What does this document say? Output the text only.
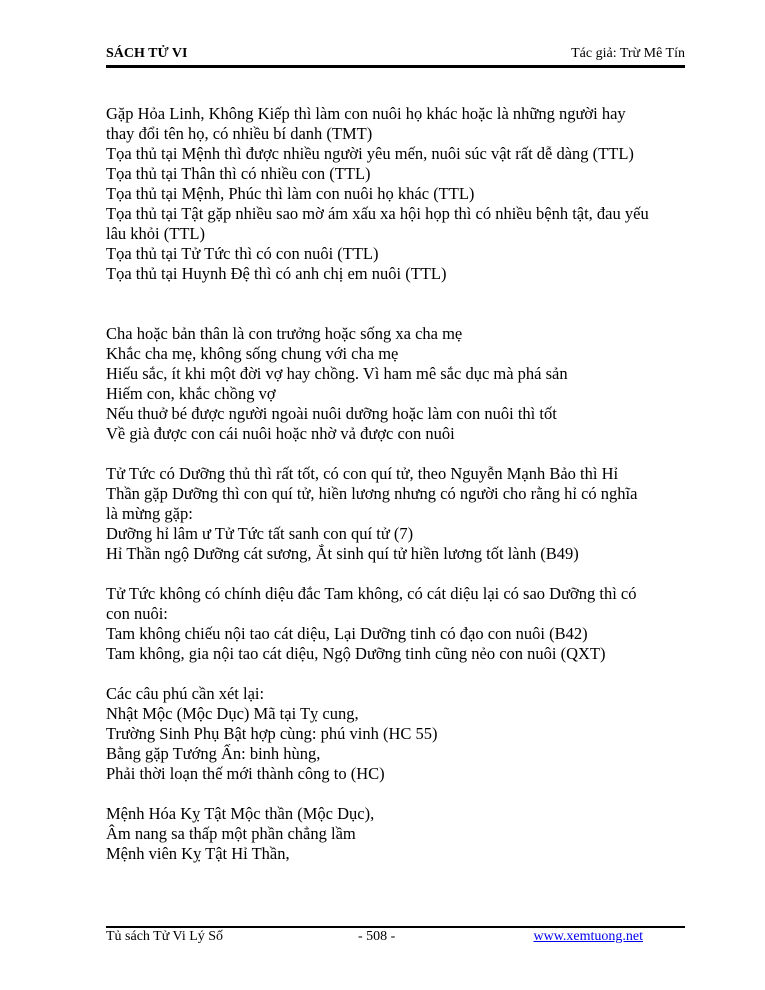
SÁCH TỬ VI	Tác giả: Trừ Mê Tín
Gặp Hỏa Linh, Không Kiếp thì làm con nuôi họ khác hoặc là những người hay
thay đổi tên họ, có nhiều bí danh (TMT)
Tọa thủ tại Mệnh thì được nhiều người yêu mến, nuôi súc vật rất dễ dàng (TTL)
Tọa thủ tại Thân thì có nhiều con (TTL)
Tọa thủ tại Mệnh, Phúc thì làm con nuôi họ khác (TTL)
Tọa thủ tại Tật gặp nhiều sao mờ ám xấu xa hội họp thì có nhiều bệnh tật, đau yếu
lâu khỏi (TTL)
Tọa thủ tại Tử Tức thì có con nuôi (TTL)
Tọa thủ tại Huynh Đệ thì có anh chị em nuôi (TTL)
Cha hoặc bản thân là con trưởng hoặc sống xa cha mẹ
Khắc cha mẹ, không sống chung với cha mẹ
Hiếu sắc, ít khi một đời vợ hay chồng. Vì ham mê sắc dục mà phá sản
Hiếm con, khắc chồng vợ
Nếu thuở bé được người ngoài nuôi dưỡng hoặc làm con nuôi thì tốt
Về già được con cái nuôi hoặc nhờ vả được con nuôi
Tử Tức có Dưỡng thủ thì rất tốt, có con quí tử, theo Nguyễn Mạnh Bảo thì Hỉ
Thần gặp Dưỡng thì con quí tử, hiền lương nhưng có người cho rằng hỉ có nghĩa
là mừng gặp:
Dưỡng hỉ lâm ư Tử Tức tất sanh con quí tử (7)
Hỉ Thần ngộ Dưỡng cát sương, Ắt sinh quí tử hiền lương tốt lành (B49)
Tử Tức không có chính diệu đắc Tam không, có cát diệu lại có sao Dưỡng thì có
con nuôi:
Tam không chiếu nội tao cát diệu, Lại Dưỡng tinh có đạo con nuôi (B42)
Tam không, gia nội tao cát diệu, Ngộ Dưỡng tinh cũng nẻo con nuôi (QXT)
Các câu phú cần xét lại:
Nhật Mộc (Mộc Dục) Mã tại Tỵ cung,
Trường Sinh Phụ Bật hợp cùng: phú vinh (HC 55)
Bằng gặp Tướng Ấn: binh hùng,
Phải thời loạn thế mới thành công to (HC)
Mệnh Hóa Kỵ Tật Mộc thần (Mộc Dục),
Âm nang sa thấp một phần chẳng lầm
Mệnh viên Kỵ Tật Hỉ Thần,
Tủ sách Tử Vi Lý Số	- 508 -	www.xemtuong.net
